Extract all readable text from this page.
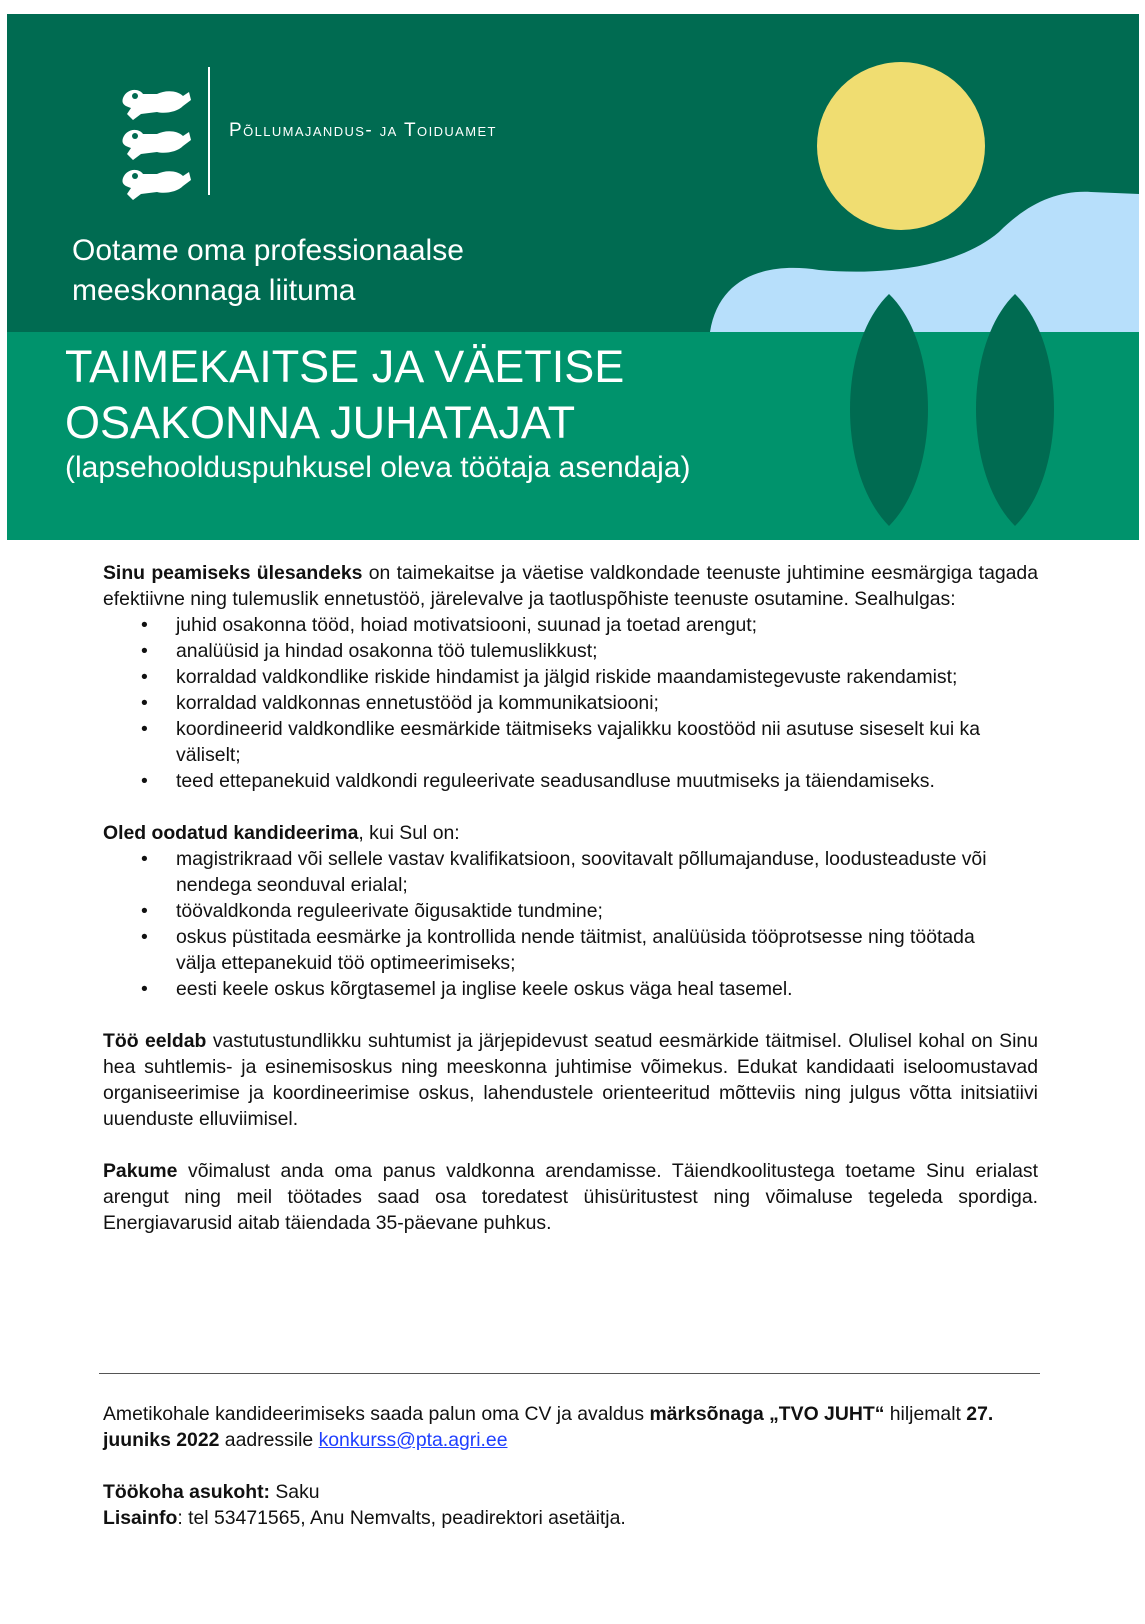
Põllumajandus- ja Toiduamet
Ootame oma professionaalse
meeskonnaga liituma
TAIMEKAITSE JA VÄETISE
OSAKONNA JUHATAJAT
(lapsehoolduspuhkusel oleva töötaja asendaja)

Sinu peamiseks ülesandeks on taimekaitse ja väetise valdkondade teenuste juhtimine eesmärgiga tagada efektiivne ning tulemuslik ennetustöö, järelevalve ja taotluspõhiste teenuste osutamine. Sealhulgas:

• juhid osakonna tööd, hoiad motivatsiooni, suunad ja toetad arengut;
• analüüsid ja hindad osakonna töö tulemuslikkust;
• korraldad valdkondlike riskide hindamist ja jälgid riskide maandamistegevuste rakendamist;
• korraldad valdkonnas ennetustööd ja kommunikatsiooni;
• koordineerid valdkondlike eesmärkide täitmiseks vajalikku koostööd nii asutuse siseselt kui ka väliselt;
• teed ettepanekuid valdkondi reguleerivate seadusandluse muutmiseks ja täiendamiseks.

Oled oodatud kandideerima, kui Sul on:

• magistrikraad või sellele vastav kvalifikatsioon, soovitavalt põllumajanduse, loodusteaduste või nendega seonduval erialal;
• töövaldkonda reguleerivate õigusaktide tundmine;
• oskus püstitada eesmärke ja kontrollida nende täitmist, analüüsida tööprotsesse ning töötada välja ettepanekuid töö optimeerimiseks;
• eesti keele oskus kõrgtasemel ja inglise keele oskus väga heal tasemel.

Töö eeldab vastutustundlikku suhtumist ja järjepidevust seatud eesmärkide täitmisel. Olulisel kohal on Sinu hea suhtlemis- ja esinemisoskus ning meeskonna juhtimise võimekus. Edukat kandidaati iseloomustavad organiseerimise ja koordineerimise oskus, lahendustele orienteeritud mõtteviis ning julgus võtta initsiatiivi uuenduste elluviimisel.

Pakume võimalust anda oma panus valdkonna arendamisse. Täiendkoolitustega toetame Sinu erialast arengut ning meil töötades saad osa toredatest ühisüritustest ning võimaluse tegeleda spordiga. Energiavarusid aitab täiendada 35-päevane puhkus.

Ametikohale kandideerimiseks saada palun oma CV ja avaldus märksõnaga „TVO JUHT“ hiljemalt 27. juuniks 2022 aadressile konkurss@pta.agri.ee

Töökoha asukoht: Saku

Lisainfo: tel 53471565, Anu Nemvalts, peadirektori asetäitja.
